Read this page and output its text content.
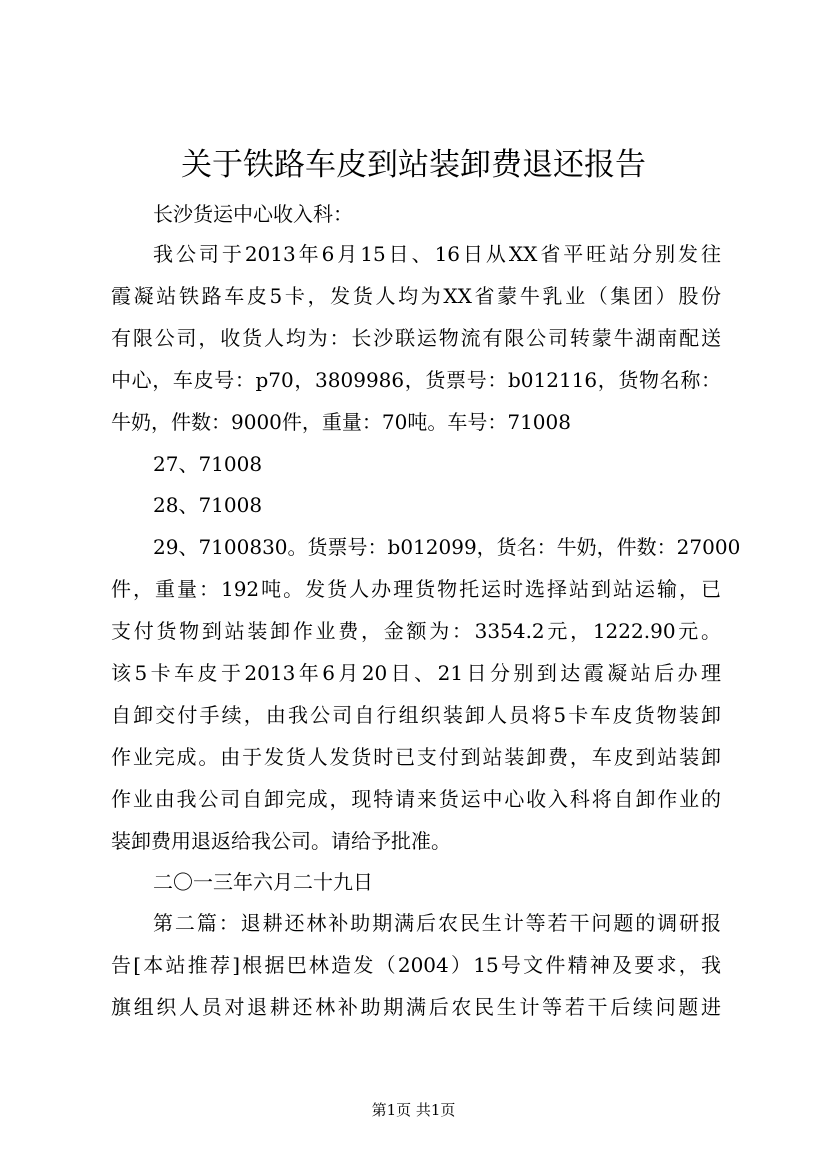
关于铁路车皮到站装卸费退还报告
长沙货运中心收入科：
我公司于2013年6月15日、16日从XX省平旺站分别发往
霞凝站铁路车皮5卡，发货人均为XX省蒙牛乳业（集团）股份
有限公司，收货人均为：长沙联运物流有限公司转蒙牛湖南配送
中心，车皮号：p70，3809986，货票号：b012116，货物名称：
牛奶，件数：9000件，重量：70吨。车号：71008
27、71008
28、71008
29、7100830。货票号：b012099，货名：牛奶，件数：27000
件，重量：192吨。发货人办理货物托运时选择站到站运输，已
支付货物到站装卸作业费，金额为：3354.2元，1222.90元。
该5卡车皮于2013年6月20日、21日分别到达霞凝站后办理
自卸交付手续，由我公司自行组织装卸人员将5卡车皮货物装卸
作业完成。由于发货人发货时已支付到站装卸费，车皮到站装卸
作业由我公司自卸完成，现特请来货运中心收入科将自卸作业的
装卸费用退返给我公司。请给予批准。
二〇一三年六月二十九日
第二篇：退耕还林补助期满后农民生计等若干问题的调研报
告[本站推荐]根据巴林造发（2004）15号文件精神及要求，我
旗组织人员对退耕还林补助期满后农民生计等若干后续问题进
第1页 共1页
